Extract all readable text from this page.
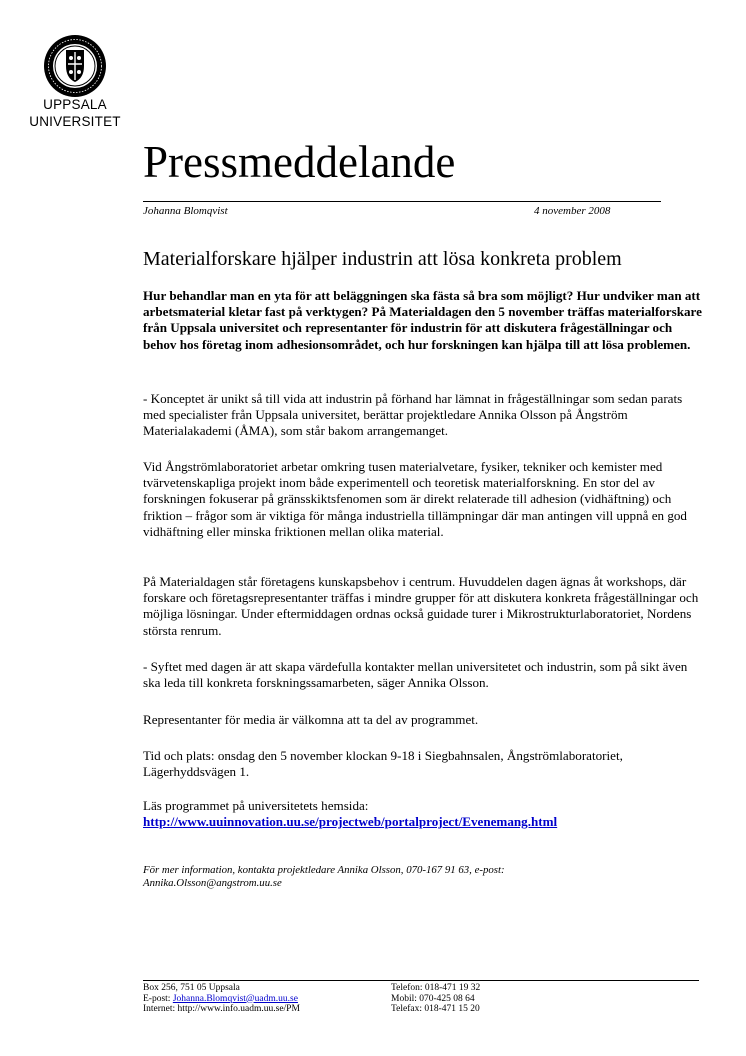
UPPSALA
UNIVERSITET
Pressmeddelande
Johanna Blomqvist	4 november 2008
Materialforskare hjälper industrin att lösa konkreta problem
Hur behandlar man en yta för att beläggningen ska fästa så bra som möjligt? Hur undviker man att arbetsmaterial kletar fast på verktygen? På Materialdagen den 5 november träffas materialforskare från Uppsala universitet och representanter för industrin för att diskutera frågeställningar och behov hos företag inom adhesionsområdet, och hur forskningen kan hjälpa till att lösa problemen.
- Konceptet är unikt så till vida att industrin på förhand har lämnat in frågeställningar som sedan parats med specialister från Uppsala universitet, berättar projektledare Annika Olsson på Ångström Materialakademi (ÅMA), som står bakom arrangemanget.
Vid Ångströmlaboratoriet arbetar omkring tusen materialvetare, fysiker, tekniker och kemister med tvärvetenskapliga projekt inom både experimentell och teoretisk materialforskning. En stor del av forskningen fokuserar på gränsskiktsfenomen som är direkt relaterade till adhesion (vidhäftning) och friktion – frågor som är viktiga för många industriella tillämpningar där man antingen vill uppnå en god vidhäftning eller minska friktionen mellan olika material.
På Materialdagen står företagens kunskapsbehov i centrum. Huvuddelen dagen ägnas åt workshops, där forskare och företagsrepresentanter träffas i mindre grupper för att diskutera konkreta frågeställningar och möjliga lösningar. Under eftermiddagen ordnas också guidade turer i Mikrostrukturlaboratoriet, Nordens största renrum.
- Syftet med dagen är att skapa värdefulla kontakter mellan universitetet och industrin, som på sikt även ska leda till konkreta forskningssamarbeten, säger Annika Olsson.
Representanter för media är välkomna att ta del av programmet.
Tid och plats: onsdag den 5 november klockan 9-18 i Siegbahnsalen, Ångströmlaboratoriet, Lägerhyddsvägen 1.
Läs programmet på universitetets hemsida:
http://www.uuinnovation.uu.se/projectweb/portalproject/Evenemang.html
För mer information, kontakta projektledare Annika Olsson, 070-167 91 63, e-post:
Annika.Olsson@angstrom.uu.se
Box 256, 751 05 Uppsala
E-post: Johanna.Blomqvist@uadm.uu.se
Internet: http://www.info.uadm.uu.se/PM
Telefon: 018-471 19 32
Mobil: 070-425 08 64
Telefax: 018-471 15 20
